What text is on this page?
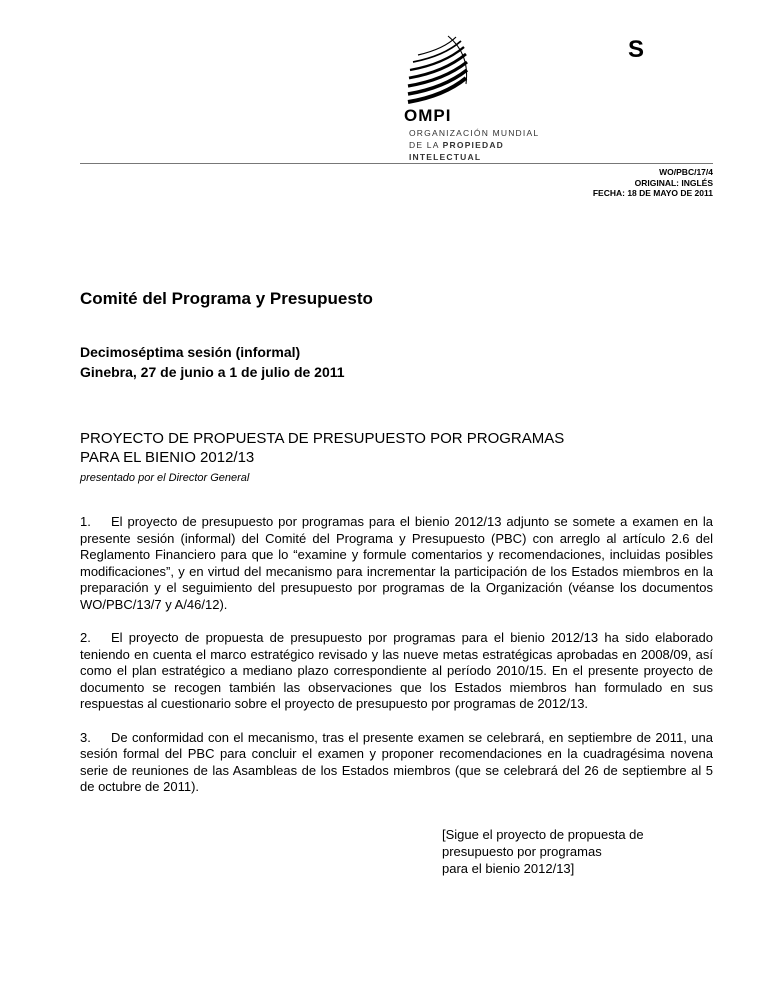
S
OMPI
ORGANIZACIÓN MUNDIAL
DE LA PROPIEDAD
INTELECTUAL
WO/PBC/17/4
ORIGINAL: INGLÉS
FECHA: 18 DE MAYO DE 2011
Comité del Programa y Presupuesto
Decimoséptima sesión (informal)
Ginebra, 27 de junio a 1 de julio de 2011
PROYECTO DE PROPUESTA DE PRESUPUESTO POR PROGRAMAS
PARA EL BIENIO 2012/13
presentado por el Director General

1. El proyecto de presupuesto por programas para el bienio 2012/13 adjunto se somete a examen en la presente sesión (informal) del Comité del Programa y Presupuesto (PBC) con arreglo al artículo 2.6 del Reglamento Financiero para que lo “examine y formule comentarios y recomendaciones, incluidas posibles modificaciones”, y en virtud del mecanismo para incrementar la participación de los Estados miembros en la preparación y el seguimiento del presupuesto por programas de la Organización (véanse los documentos WO/PBC/13/7 y A/46/12).

2. El proyecto de propuesta de presupuesto por programas para el bienio 2012/13 ha sido elaborado teniendo en cuenta el marco estratégico revisado y las nueve metas estratégicas aprobadas en 2008/09, así como el plan estratégico a mediano plazo correspondiente al período 2010/15. En el presente proyecto de documento se recogen también las observaciones que los Estados miembros han formulado en sus respuestas al cuestionario sobre el proyecto de presupuesto por programas de 2012/13.

3. De conformidad con el mecanismo, tras el presente examen se celebrará, en septiembre de 2011, una sesión formal del PBC para concluir el examen y proponer recomendaciones en la cuadragésima novena serie de reuniones de las Asambleas de los Estados miembros (que se celebrará del 26 de septiembre al 5 de octubre de 2011).

[Sigue el proyecto de propuesta de
presupuesto por programas
para el bienio 2012/13]
